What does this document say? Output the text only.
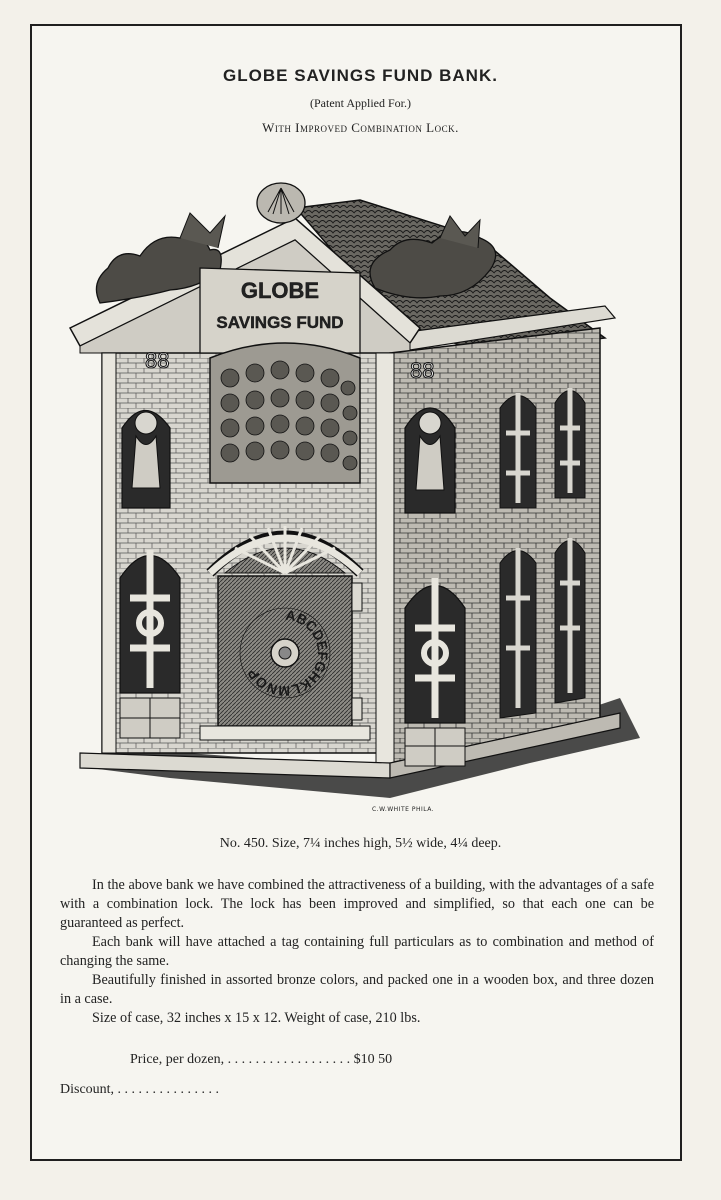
GLOBE SAVINGS FUND BANK.
(Patent Applied For.)
With Improved Combination Lock.
GLOBE
SAVINGS FUND
88	88
ABCDEFGHKLMNOP
C.W.WHITE PHILA.
No. 450. Size, 7¼ inches high, 5½ wide, 4¼ deep.

In the above bank we have combined the attractiveness of a building, with the advantages of a safe with a combination lock. The lock has been improved and simplified, so that each one can be guaranteed as perfect.

Each bank will have attached a tag containing full particulars as to combination and method of changing the same.

Beautifully finished in assorted bronze colors, and packed one in a wooden box, and three dozen in a case.

Size of case, 32 inches x 15 x 12. Weight of case, 210 lbs.

Price, per dozen, . . . . . . . . . . . . . . . . . . $10 50
Discount, . . . . . . . . . . . . . . .
